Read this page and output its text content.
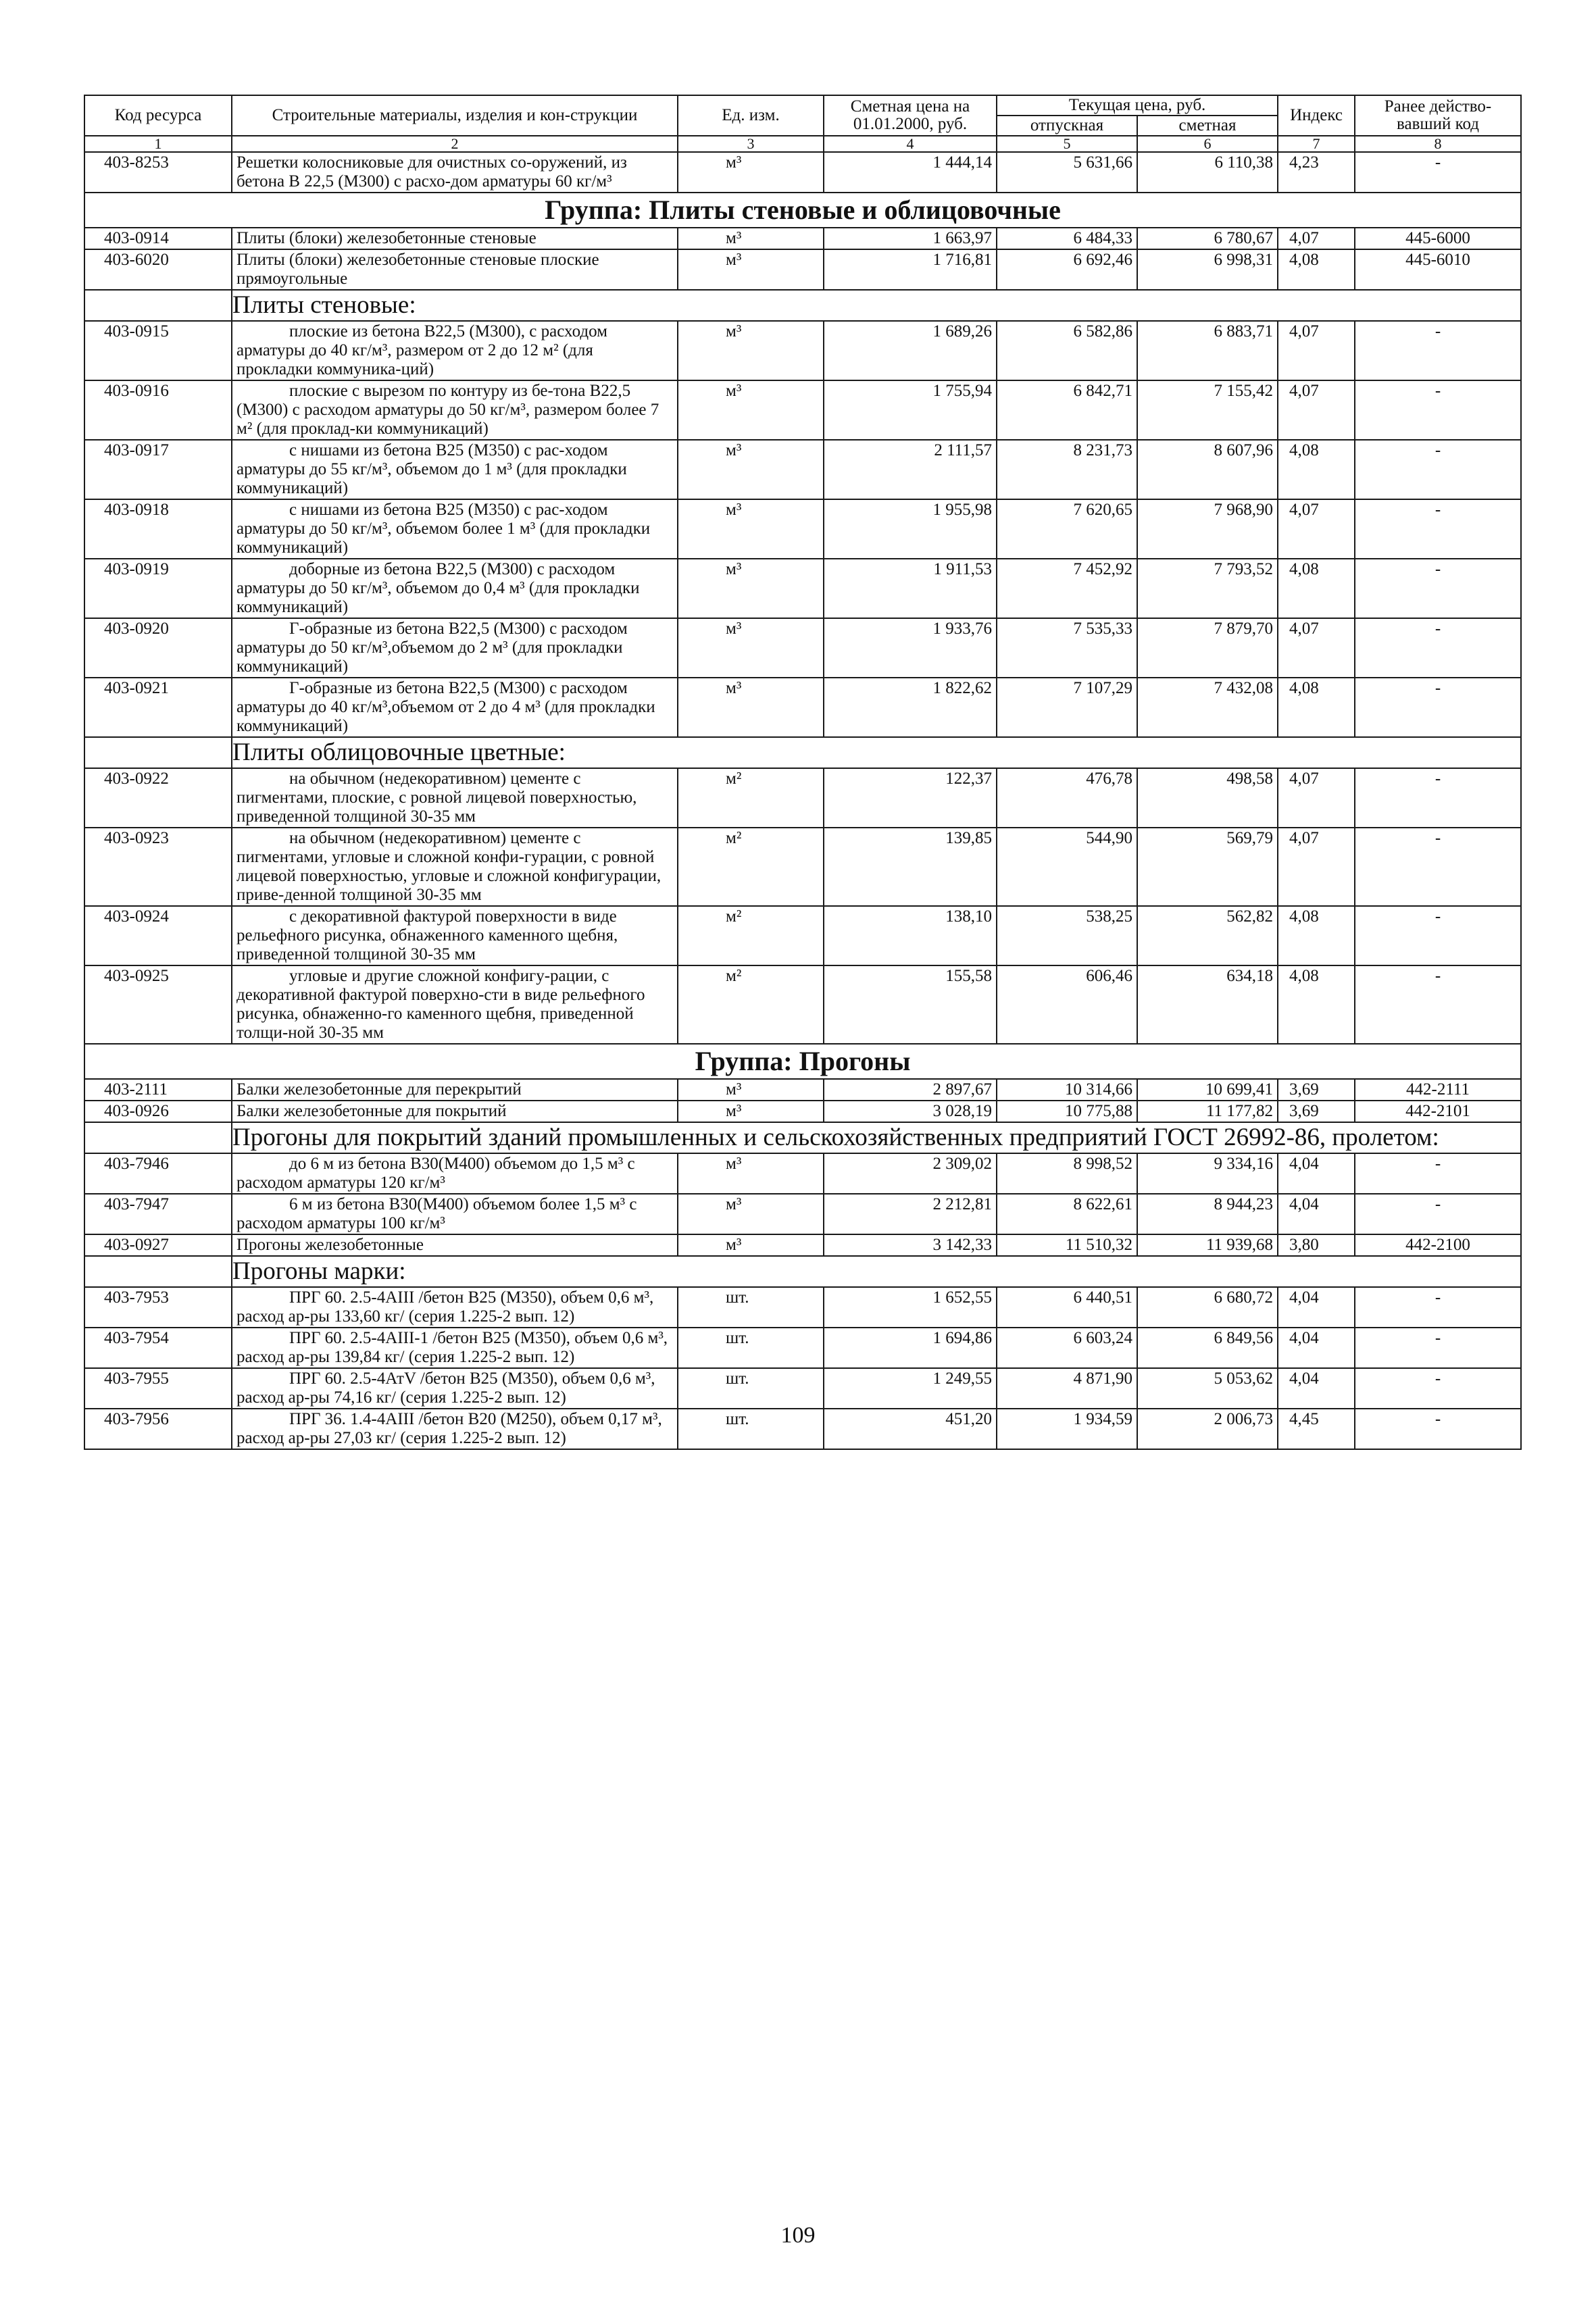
Код ресурса	Строительные материалы, изделия и кон-струкции	Ед. изм.	Сметная цена на 01.01.2000, руб.	Текущая цена, руб.		Индекс	Ранее действо-вавший код
				отпускная	сметная		
1	2	3	4	5	6	7	8
403-8253	Решетки колосниковые для очистных со-оружений, из бетона В 22,5 (М300) с расхо-дом арматуры 60 кг/м³	м³	1 444,14	5 631,66	6 110,38	4,23	-
Группа: Плиты стеновые и облицовочные							
403-0914	Плиты (блоки) железобетонные стеновые	м³	1 663,97	6 484,33	6 780,67	4,07	445-6000
403-6020	Плиты (блоки) железобетонные стеновые плоские прямоугольные	м³	1 716,81	6 692,46	6 998,31	4,08	445-6010
	Плиты стеновые:						
403-0915	плоские из бетона В22,5 (М300), с расходом арматуры до 40 кг/м³, размером от 2 до 12 м² (для прокладки коммуника-ций)	м³	1 689,26	6 582,86	6 883,71	4,07	-
403-0916	плоские с вырезом по контуру из бе-тона В22,5 (М300) с расходом арматуры до 50 кг/м³, размером более 7 м² (для проклад-ки коммуникаций)	м³	1 755,94	6 842,71	7 155,42	4,07	-
403-0917	с нишами из бетона В25 (М350) с рас-ходом арматуры до 55 кг/м³, объемом до 1 м³ (для прокладки коммуникаций)	м³	2 111,57	8 231,73	8 607,96	4,08	-
403-0918	с нишами из бетона В25 (М350) с рас-ходом арматуры до 50 кг/м³, объемом более 1 м³ (для прокладки коммуникаций)	м³	1 955,98	7 620,65	7 968,90	4,07	-
403-0919	доборные из бетона В22,5 (М300) с расходом арматуры до 50 кг/м³, объемом до 0,4 м³ (для прокладки коммуникаций)	м³	1 911,53	7 452,92	7 793,52	4,08	-
403-0920	Г-образные из бетона В22,5 (М300) с расходом арматуры до 50 кг/м³,объемом до 2 м³ (для прокладки коммуникаций)	м³	1 933,76	7 535,33	7 879,70	4,07	-
403-0921	Г-образные из бетона В22,5 (М300) с расходом арматуры до 40 кг/м³,объемом от 2 до 4 м³ (для прокладки коммуникаций)	м³	1 822,62	7 107,29	7 432,08	4,08	-
	Плиты облицовочные цветные:						
403-0922	на обычном (недекоративном) цементе с пигментами, плоские, с ровной лицевой поверхностью, приведенной толщиной 30-35 мм	м²	122,37	476,78	498,58	4,07	-
403-0923	на обычном (недекоративном) цементе с пигментами, угловые и сложной конфи-гурации, с ровной лицевой поверхностью, угловые и сложной конфигурации, приве-денной толщиной 30-35 мм	м²	139,85	544,90	569,79	4,07	-
403-0924	с декоративной фактурой поверхности в виде рельефного рисунка, обнаженного каменного щебня, приведенной толщиной 30-35 мм	м²	138,10	538,25	562,82	4,08	-
403-0925	угловые и другие сложной конфигу-рации, с декоративной фактурой поверхно-сти в виде рельефного рисунка, обнаженно-го каменного щебня, приведенной толщи-ной 30-35 мм	м²	155,58	606,46	634,18	4,08	-
Группа: Прогоны							
403-2111	Балки железобетонные для перекрытий	м³	2 897,67	10 314,66	10 699,41	3,69	442-2111
403-0926	Балки железобетонные для покрытий	м³	3 028,19	10 775,88	11 177,82	3,69	442-2101
	Прогоны для покрытий зданий промышленных и сельскохозяйственных предприятий ГОСТ 26992-86, пролетом:						
403-7946	до 6 м из бетона В30(М400) объемом до 1,5 м³ с расходом арматуры 120 кг/м³	м³	2 309,02	8 998,52	9 334,16	4,04	-
403-7947	6 м из бетона В30(М400) объемом более 1,5 м³ с расходом арматуры 100 кг/м³	м³	2 212,81	8 622,61	8 944,23	4,04	-
403-0927	Прогоны железобетонные	м³	3 142,33	11 510,32	11 939,68	3,80	442-2100
	Прогоны марки:						
403-7953	ПРГ 60. 2.5-4АIII /бетон В25 (М350), объем 0,6 м³, расход ар-ры 133,60 кг/ (серия 1.225-2 вып. 12)	шт.	1 652,55	6 440,51	6 680,72	4,04	-
403-7954	ПРГ 60. 2.5-4АIII-1 /бетон В25 (М350), объем 0,6 м³, расход ар-ры 139,84 кг/ (серия 1.225-2 вып. 12)	шт.	1 694,86	6 603,24	6 849,56	4,04	-
403-7955	ПРГ 60. 2.5-4АтV /бетон В25 (М350), объем 0,6 м³, расход ар-ры 74,16 кг/ (серия 1.225-2 вып. 12)	шт.	1 249,55	4 871,90	5 053,62	4,04	-
403-7956	ПРГ 36. 1.4-4АIII /бетон В20 (М250), объем 0,17 м³, расход ар-ры 27,03 кг/ (серия 1.225-2 вып. 12)	шт.	451,20	1 934,59	2 006,73	4,45	-
109
